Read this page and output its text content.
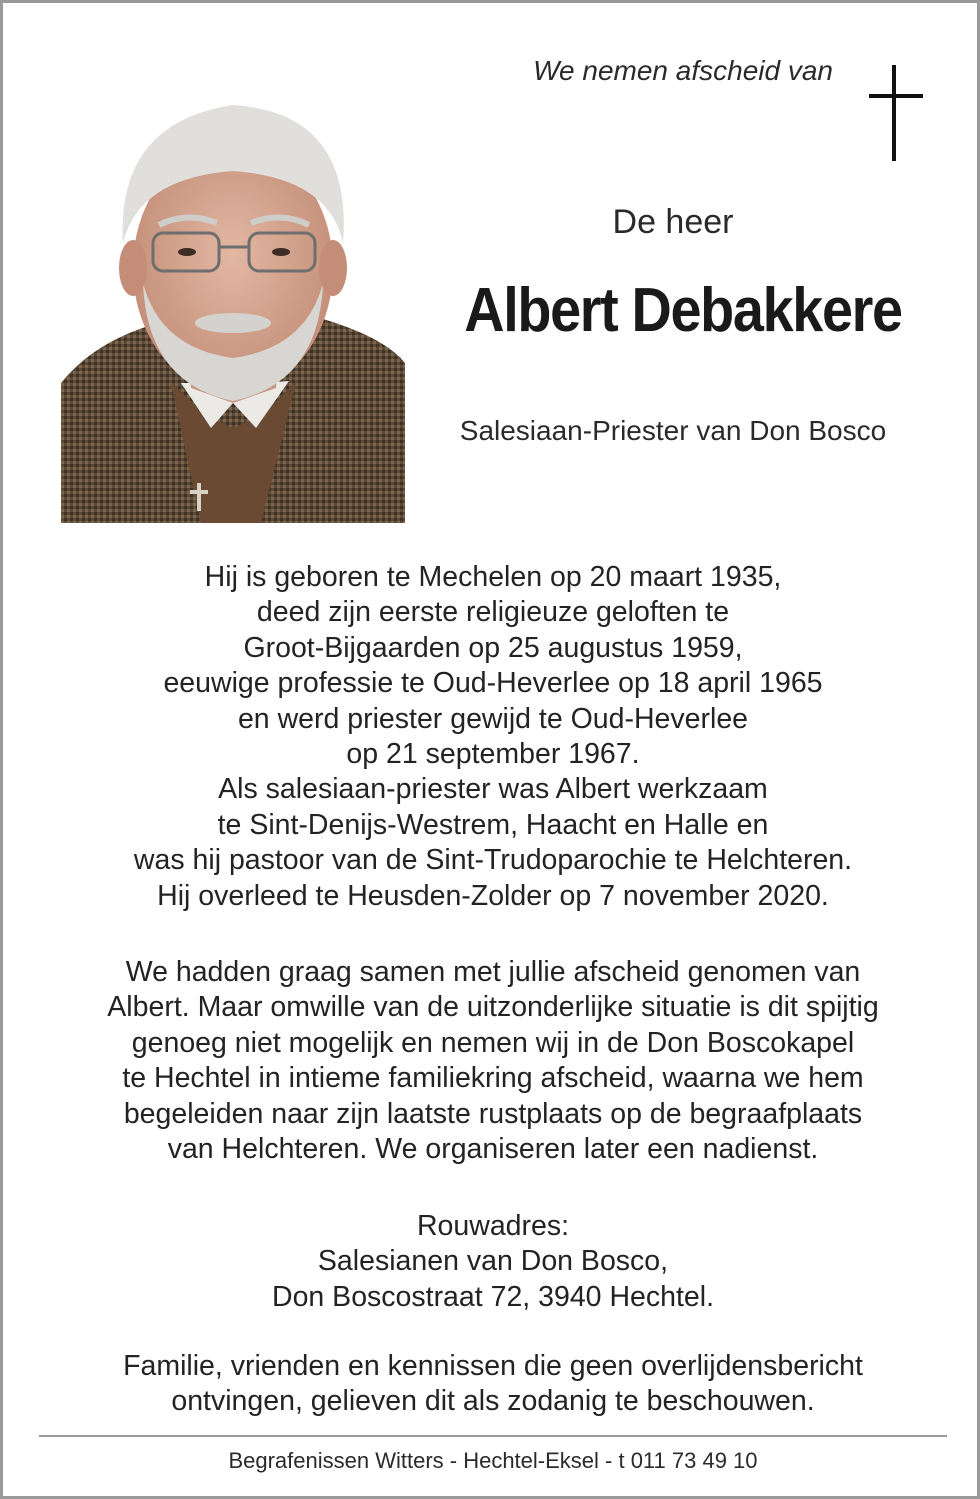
We nemen afscheid van
De heer
Albert Debakkere
Salesiaan-Priester van Don Bosco
Hij is geboren te Mechelen op 20 maart 1935,
deed zijn eerste religieuze geloften te
Groot-Bijgaarden op 25 augustus 1959,
eeuwige professie te Oud-Heverlee op 18 april 1965
en werd priester gewijd te Oud-Heverlee
op 21 september 1967.
Als salesiaan-priester was Albert werkzaam
te Sint-Denijs-Westrem, Haacht en Halle en
was hij pastoor van de Sint-Trudoparochie te Helchteren.
Hij overleed te Heusden-Zolder op 7 november 2020.
We hadden graag samen met jullie afscheid genomen van
Albert. Maar omwille van de uitzonderlijke situatie is dit spijtig
genoeg niet mogelijk en nemen wij in de Don Boscokapel
te Hechtel in intieme familiekring afscheid, waarna we hem
begeleiden naar zijn laatste rustplaats op de begraafplaats
van Helchteren. We organiseren later een nadienst.
Rouwadres:
Salesianen van Don Bosco,
Don Boscostraat 72, 3940 Hechtel.
Familie, vrienden en kennissen die geen overlijdensbericht
ontvingen, gelieven dit als zodanig te beschouwen.
Begrafenissen Witters - Hechtel-Eksel - t 011 73 49 10
